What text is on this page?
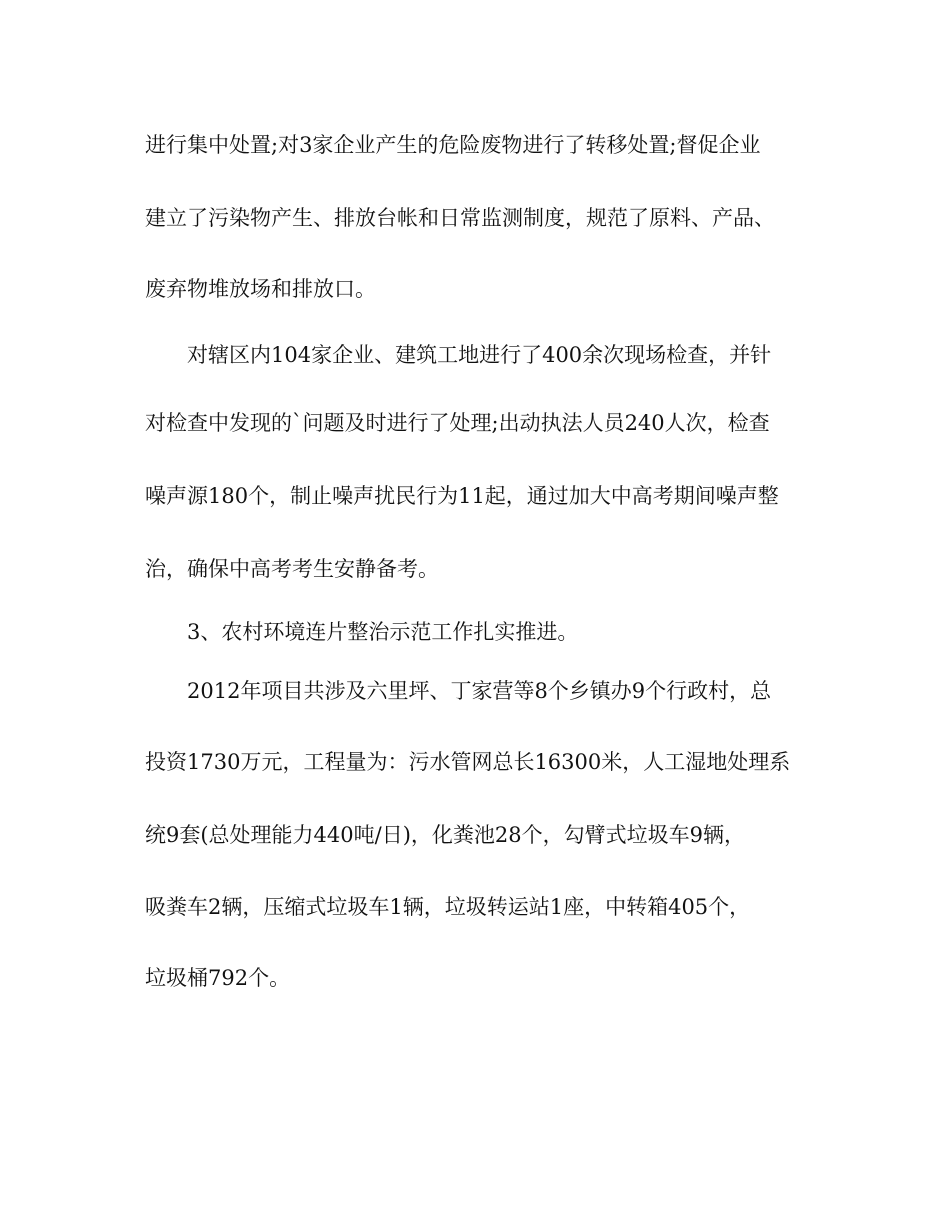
进行集中处置;对3家企业产生的危险废物进行了转移处置;督促企业
建立了污染物产生、排放台帐和日常监测制度，规范了原料、产品、
废弃物堆放场和排放口。
对辖区内104家企业、建筑工地进行了400余次现场检查，并针
对检查中发现的`问题及时进行了处理;出动执法人员240人次，检查
噪声源180个，制止噪声扰民行为11起，通过加大中高考期间噪声整
治，确保中高考考生安静备考。
3、农村环境连片整治示范工作扎实推进。
2012年项目共涉及六里坪、丁家营等8个乡镇办9个行政村，总
投资1730万元，工程量为：污水管网总长16300米，人工湿地处理系
统9套(总处理能力440吨/日)，化粪池28个，勾臂式垃圾车9辆，
吸粪车2辆，压缩式垃圾车1辆，垃圾转运站1座，中转箱405个，
垃圾桶792个。
